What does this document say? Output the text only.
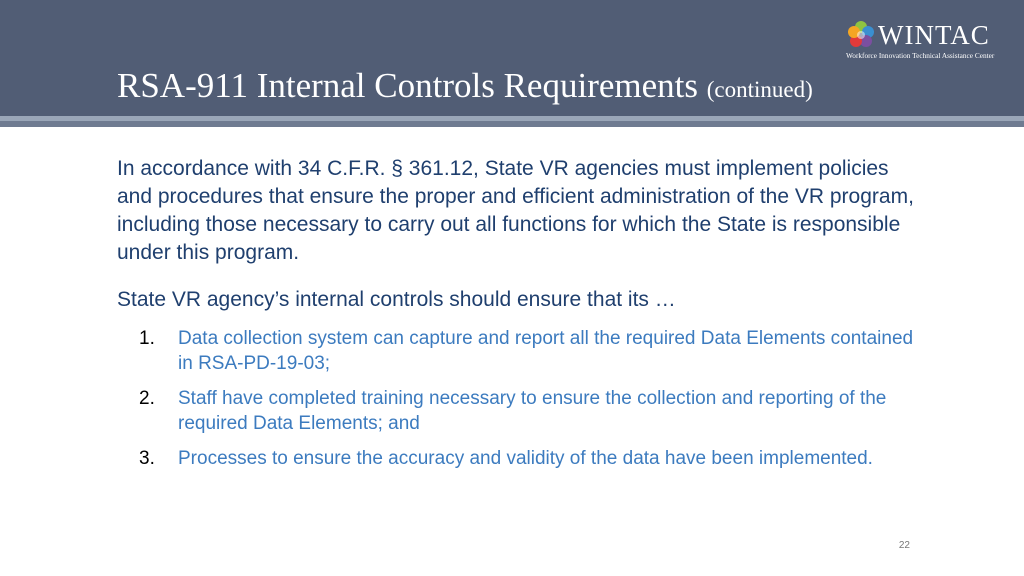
RSA-911 Internal Controls Requirements (continued)
WINTAC
Workforce Innovation Technical Assistance Center

In accordance with 34 C.F.R. § 361.12, State VR agencies must implement policies and procedures that ensure the proper and efficient administration of the VR program, including those necessary to carry out all functions for which the State is responsible under this program.

State VR agency’s internal controls should ensure that its …
1. Data collection system can capture and report all the required Data Elements contained in RSA-PD-19-03;
2. Staff have completed training necessary to ensure the collection and reporting of the required Data Elements; and
3. Processes to ensure the accuracy and validity of the data have been implemented.
22
